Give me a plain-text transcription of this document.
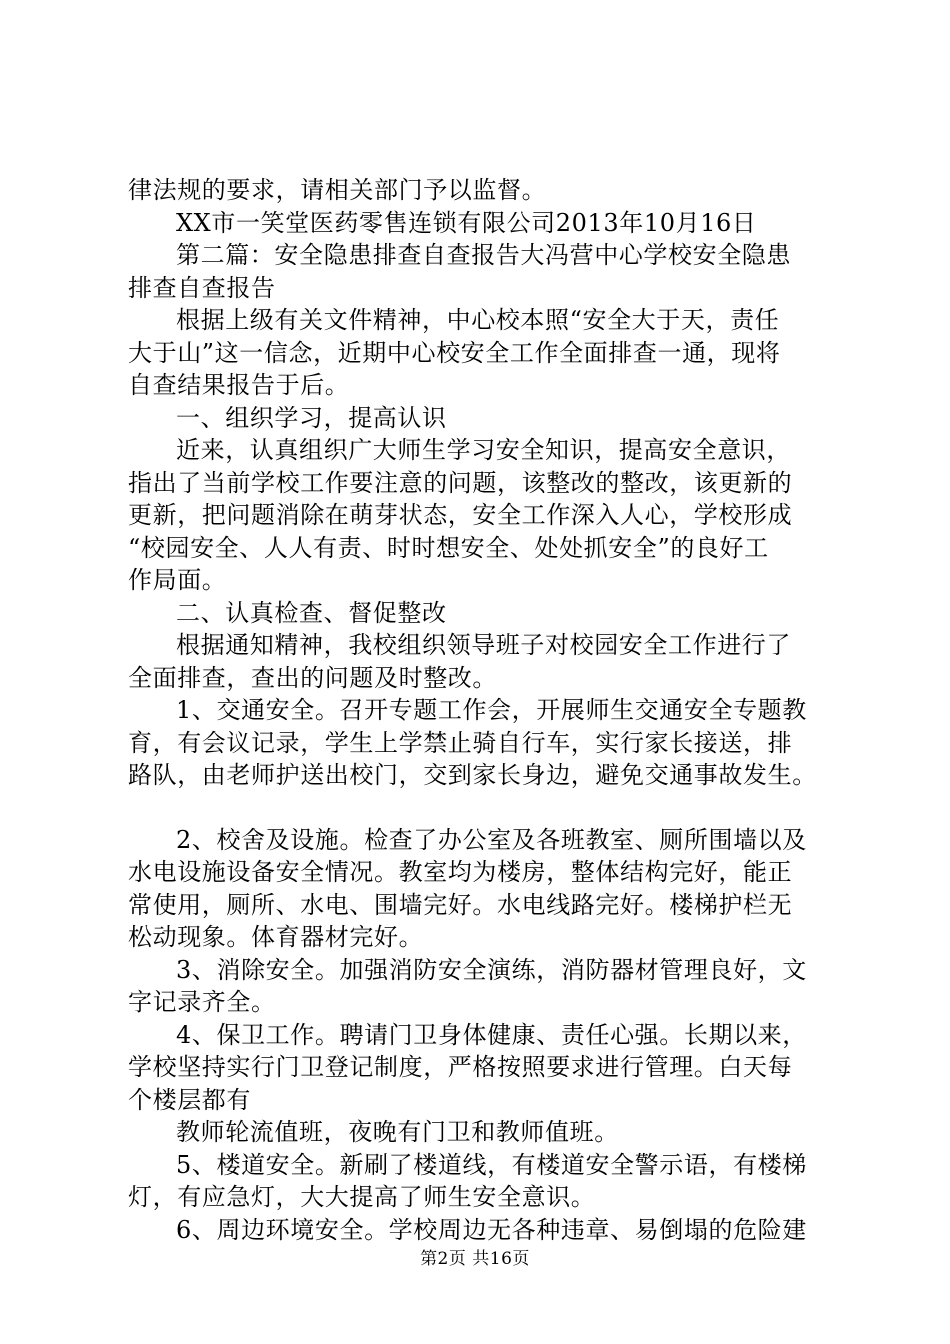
律法规的要求，请相关部门予以监督。
XX市一笑堂医药零售连锁有限公司2013年10月16日
第二篇：安全隐患排查自查报告大冯营中心学校安全隐患
排查自查报告
根据上级有关文件精神，中心校本照“安全大于天，责任
大于山”这一信念，近期中心校安全工作全面排查一通，现将
自查结果报告于后。
一、组织学习，提高认识
近来，认真组织广大师生学习安全知识，提高安全意识，
指出了当前学校工作要注意的问题，该整改的整改，该更新的
更新，把问题消除在萌芽状态，安全工作深入人心，学校形成
“校园安全、人人有责、时时想安全、处处抓安全”的良好工
作局面。
二、认真检查、督促整改
根据通知精神，我校组织领导班子对校园安全工作进行了
全面排查，查出的问题及时整改。
1、交通安全。召开专题工作会，开展师生交通安全专题教
育，有会议记录，学生上学禁止骑自行车，实行家长接送，排
路队，由老师护送出校门，交到家长身边，避免交通事故发生。
2、校舍及设施。检查了办公室及各班教室、厕所围墙以及
水电设施设备安全情况。教室均为楼房，整体结构完好，能正
常使用，厕所、水电、围墙完好。水电线路完好。楼梯护栏无
松动现象。体育器材完好。
3、消除安全。加强消防安全演练，消防器材管理良好，文
字记录齐全。
4、保卫工作。聘请门卫身体健康、责任心强。长期以来，
学校坚持实行门卫登记制度，严格按照要求进行管理。白天每
个楼层都有
教师轮流值班，夜晚有门卫和教师值班。
5、楼道安全。新刷了楼道线，有楼道安全警示语，有楼梯
灯，有应急灯，大大提高了师生安全意识。
6、周边环境安全。学校周边无各种违章、易倒塌的危险建
第2页 共16页
